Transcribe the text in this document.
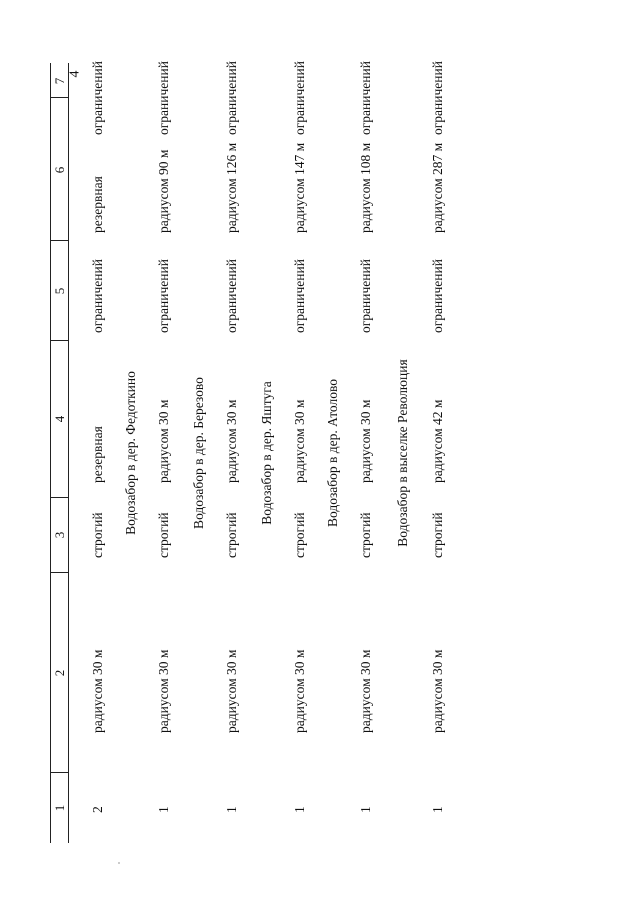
4
1
2
3
4
5
6
7
2
радиусом 30 м
строгий
резервная
ограничений
резервная
ограничений
Водозабор в дер. Федоткино
1
радиусом 30 м
строгий
радиусом 30 м
ограничений
радиусом 90 м
ограничений
Водозабор в дер. Березово
1
радиусом 30 м
строгий
радиусом 30 м
ограничений
радиусом 126 м
ограничений
Водозабор в дер. Яштуга
1
радиусом 30 м
строгий
радиусом 30 м
ограничений
радиусом 147 м
ограничений
Водозабор в дер. Атолово
1
радиусом 30 м
строгий
радиусом 30 м
ограничений
радиусом 108 м
ограничений
Водозабор в выселке Революция
1
радиусом 30 м
строгий
радиусом 42 м
ограничений
радиусом 287 м
ограничений
